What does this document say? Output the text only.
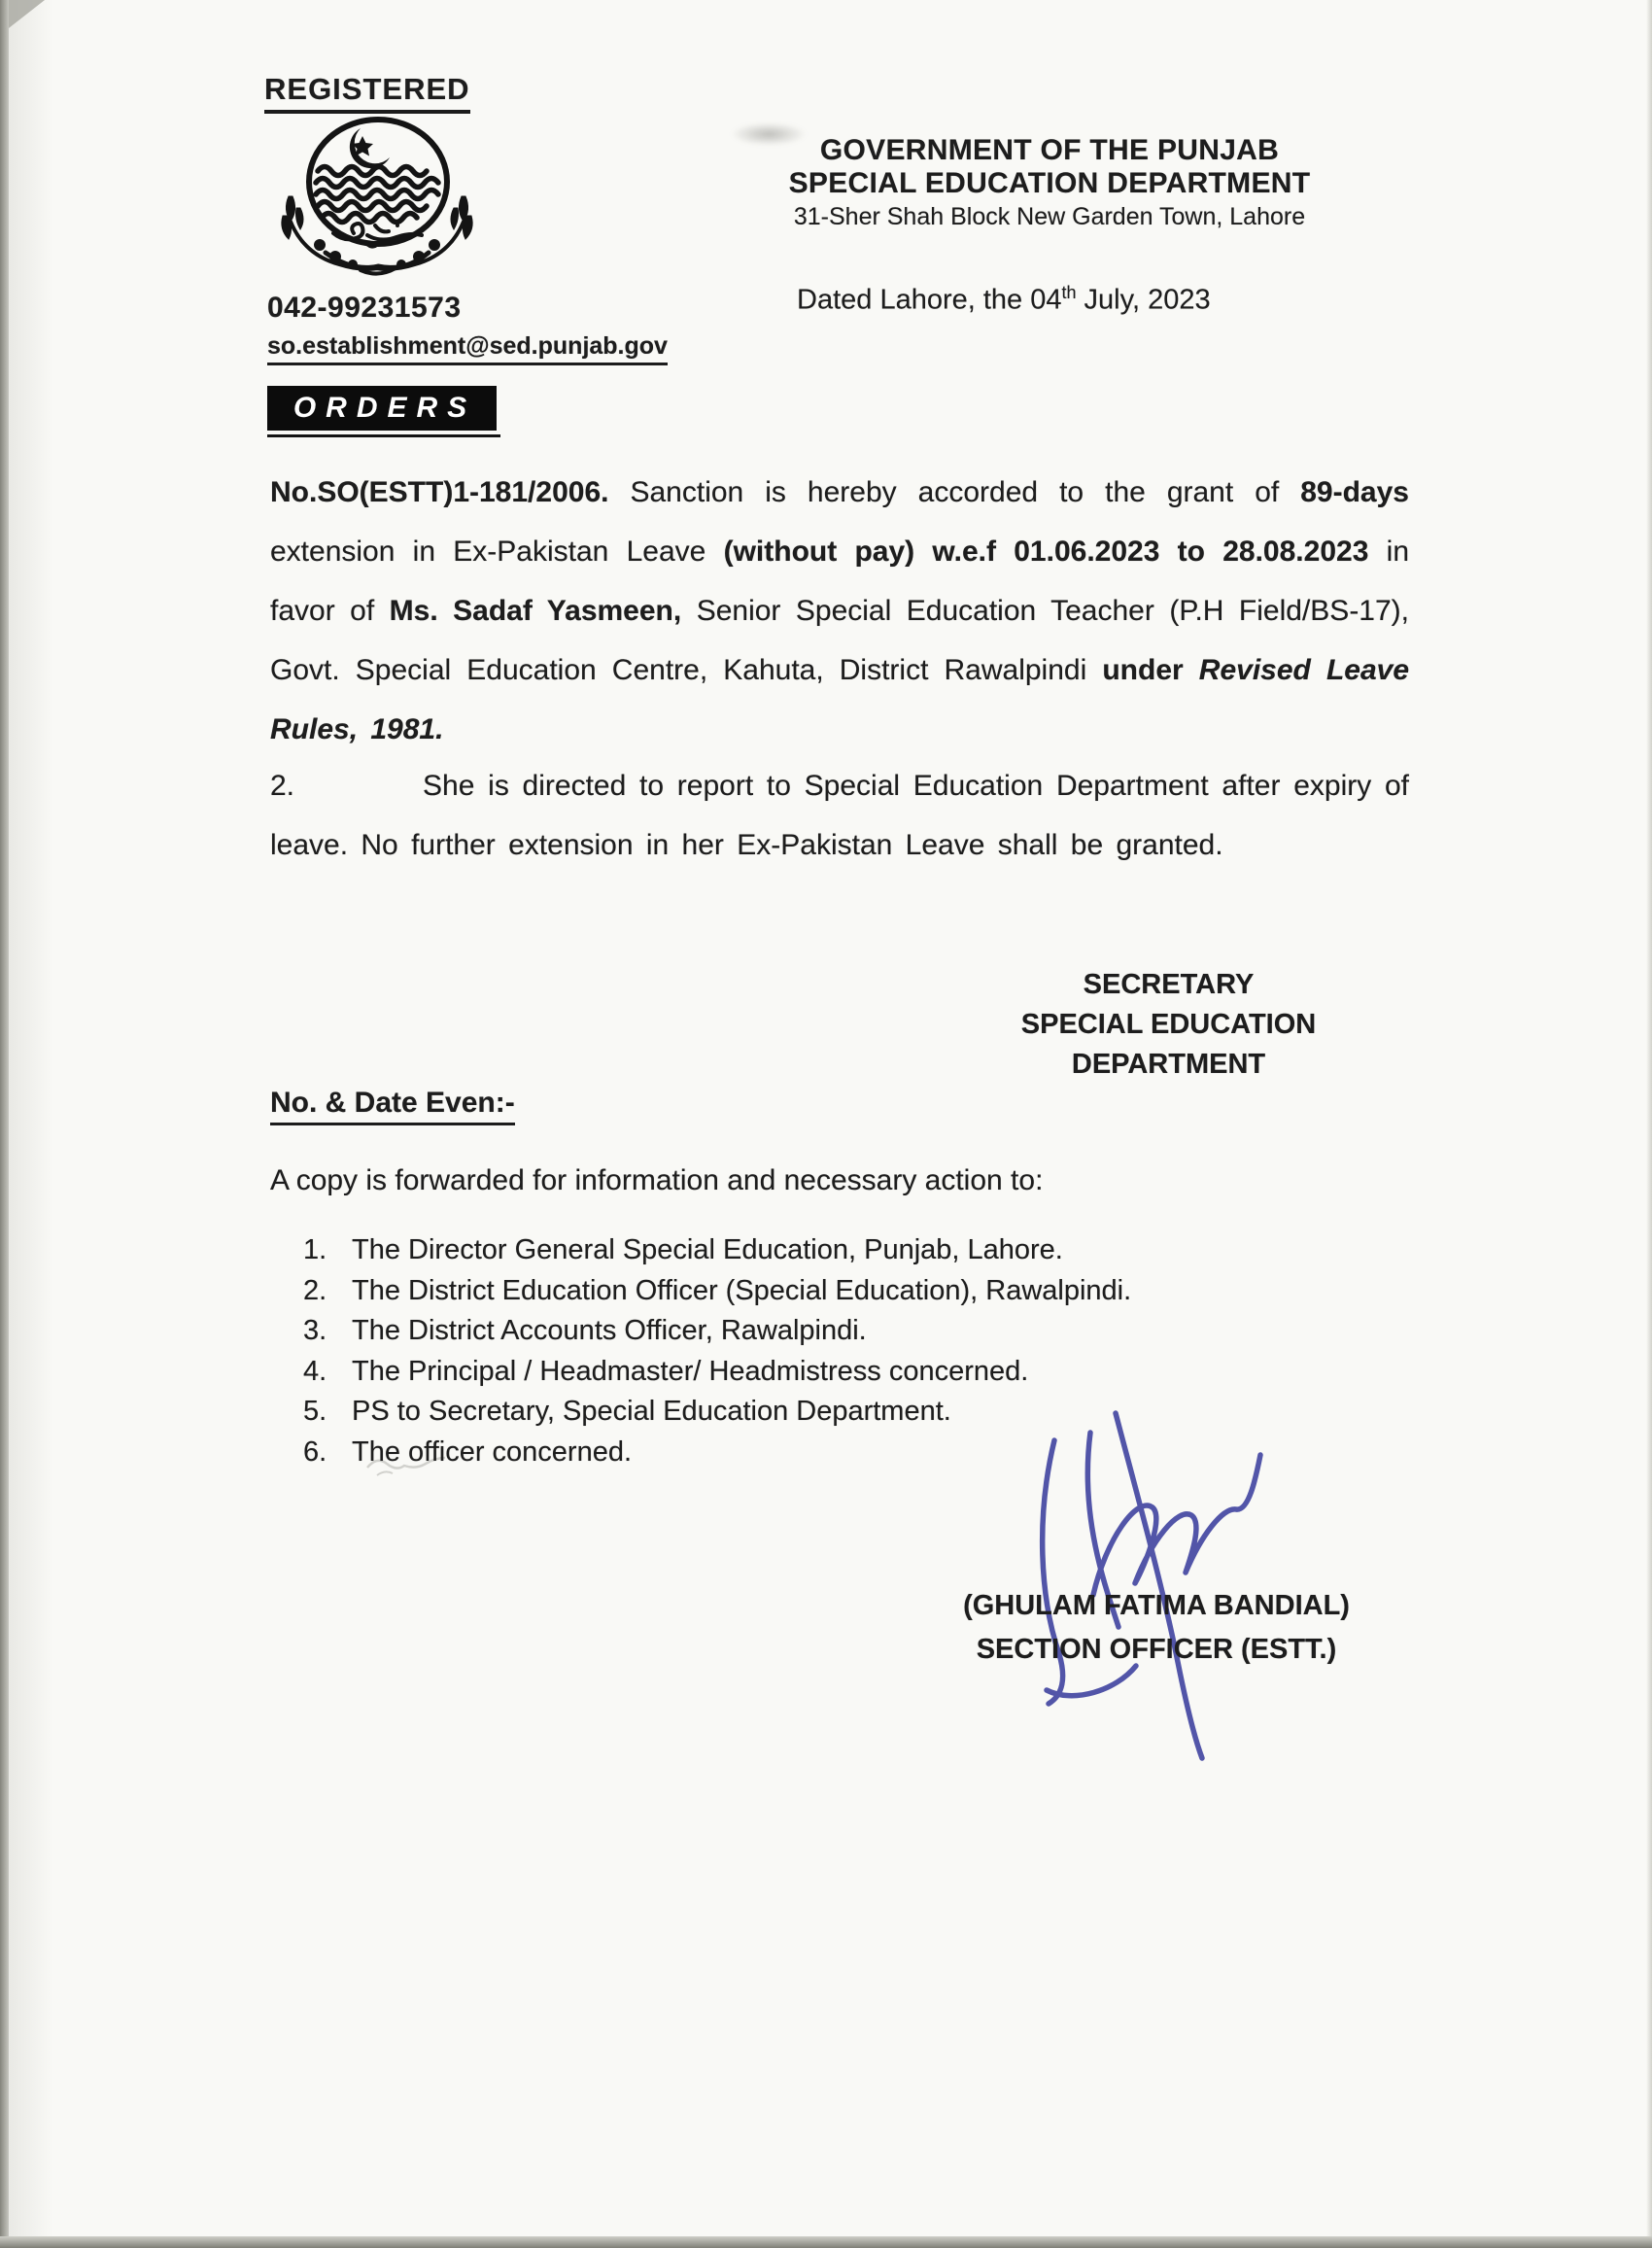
REGISTERED
GOVERNMENT OF THE PUNJAB
SPECIAL EDUCATION DEPARTMENT
31-Sher Shah Block New Garden Town, Lahore
042-99231573
so.establishment@sed.punjab.gov
Dated Lahore, the 04th July, 2023
ORDERS

No.SO(ESTT)1-181/2006. Sanction is hereby accorded to the grant of 89-days extension in Ex-Pakistan Leave (without pay) w.e.f 01.06.2023 to 28.08.2023 in favor of Ms. Sadaf Yasmeen, Senior Special Education Teacher (P.H Field/BS-17), Govt. Special Education Centre, Kahuta, District Rawalpindi under Revised Leave Rules, 1981.

2.	She is directed to report to Special Education Department after expiry of leave. No further extension in her Ex-Pakistan Leave shall be granted.

SECRETARY
SPECIAL EDUCATION
DEPARTMENT
No. & Date Even:-
A copy is forwarded for information and necessary action to:
1. The Director General Special Education, Punjab, Lahore.
2. The District Education Officer (Special Education), Rawalpindi.
3. The District Accounts Officer, Rawalpindi.
4. The Principal / Headmaster/ Headmistress concerned.
5. PS to Secretary, Special Education Department.
6. The officer concerned.
(GHULAM FATIMA BANDIAL)
SECTION OFFICER (ESTT.)
